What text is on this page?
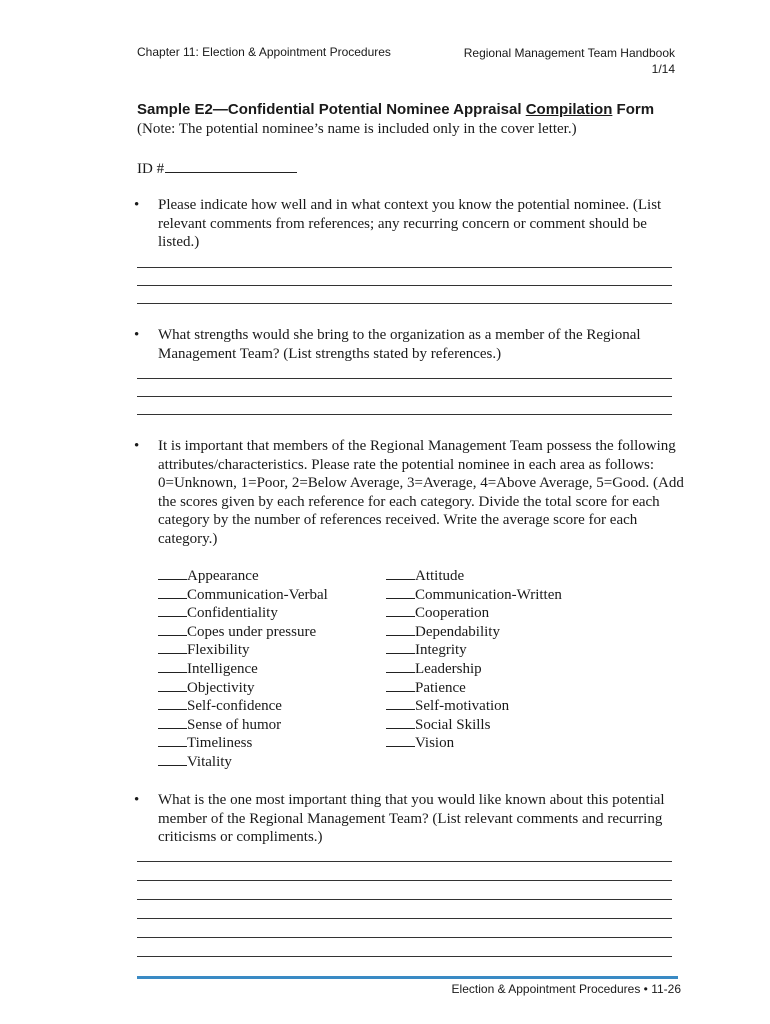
Chapter 11: Election & Appointment Procedures	Regional Management Team Handbook
1/14
Sample E2—Confidential Potential Nominee Appraisal Compilation Form
(Note: The potential nominee’s name is included only in the cover letter.)
ID #
• Please indicate how well and in what context you know the potential nominee. (List relevant comments from references; any recurring concern or comment should be listed.)
• What strengths would she bring to the organization as a member of the Regional Management Team? (List strengths stated by references.)
• It is important that members of the Regional Management Team possess the following attributes/characteristics. Please rate the potential nominee in each area as follows: 0=Unknown, 1=Poor, 2=Below Average, 3=Average, 4=Above Average, 5=Good. (Add the scores given by each reference for each category. Divide the total score for each category by the number of references received. Write the average score for each category.)
Appearance
Communication-Verbal
Confidentiality
Copes under pressure
Flexibility
Intelligence
Objectivity
Self-confidence
Sense of humor
Timeliness
Vitality
Attitude
Communication-Written
Cooperation
Dependability
Integrity
Leadership
Patience
Self-motivation
Social Skills
Vision
• What is the one most important thing that you would like known about this potential member of the Regional Management Team? (List relevant comments and recurring criticisms or compliments.)
Election & Appointment Procedures • 11-26
